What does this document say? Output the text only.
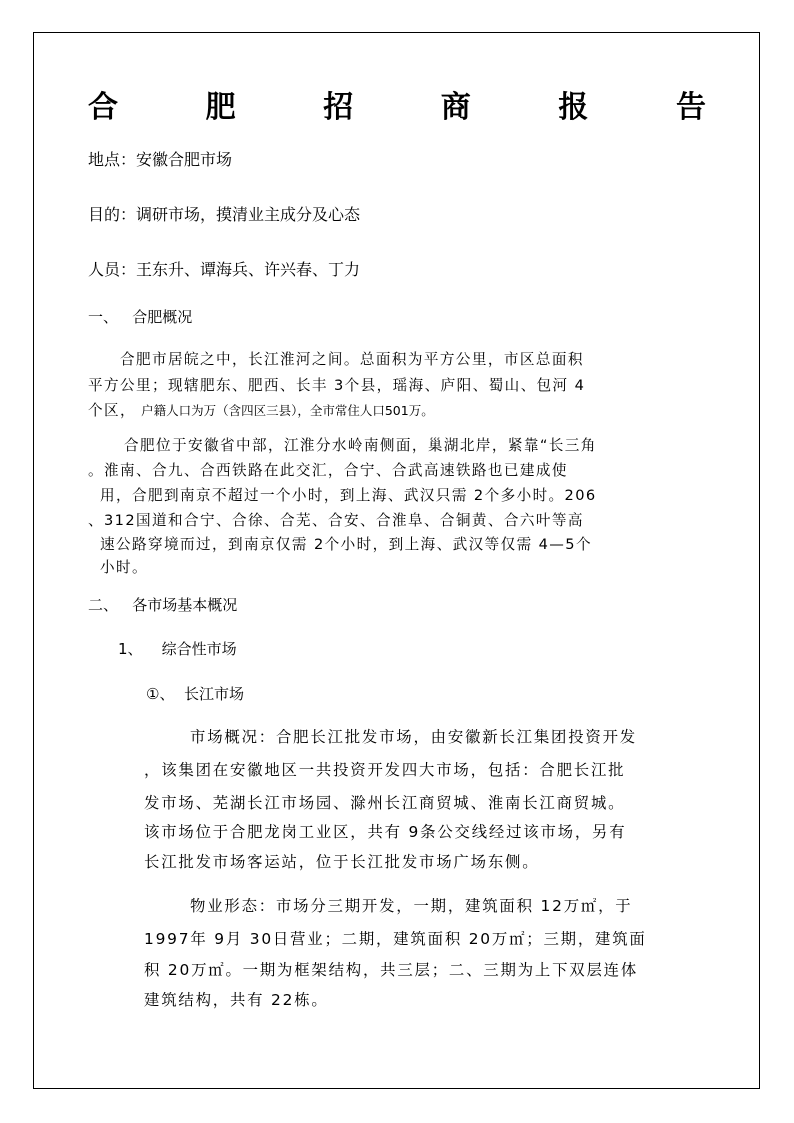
合	肥	招	商	报	告
地点：安徽合肥市场
目的：调研市场，摸清业主成分及心态
人员：王东升、谭海兵、许兴春、丁力
一、   合肥概况
合肥市居皖之中，长江淮河之间。总面积为平方公里，市区总面积
平方公里；现辖肥东、肥西、长丰 3个县，瑶海、庐阳、蜀山、包河 4
个区， 户籍人口为万（含四区三县），全市常住人口501万。
合肥位于安徽省中部，江淮分水岭南侧面，巢湖北岸，紧靠“长三角
。淮南、合九、合西铁路在此交汇，合宁、合武高速铁路也已建成使
用，合肥到南京不超过一个小时，到上海、武汉只需 2个多小时。206
、312国道和合宁、合徐、合芜、合安、合淮阜、合铜黄、合六叶等高
速公路穿境而过，到南京仅需 2个小时，到上海、武汉等仅需 4—5个
小时。
二、   各市场基本概况
1、    综合性市场
①、  长江市场
市场概况：合肥长江批发市场，由安徽新长江集团投资开发
，该集团在安徽地区一共投资开发四大市场，包括：合肥长江批
发市场、芜湖长江市场园、滁州长江商贸城、淮南长江商贸城。
该市场位于合肥龙岗工业区，共有 9条公交线经过该市场，另有
长江批发市场客运站，位于长江批发市场广场东侧。
物业形态：市场分三期开发，一期，建筑面积 12万㎡，于
1997年 9月 30日营业；二期，建筑面积 20万㎡；三期，建筑面
积 20万㎡。一期为框架结构，共三层；二、三期为上下双层连体
建筑结构，共有 22栋。
